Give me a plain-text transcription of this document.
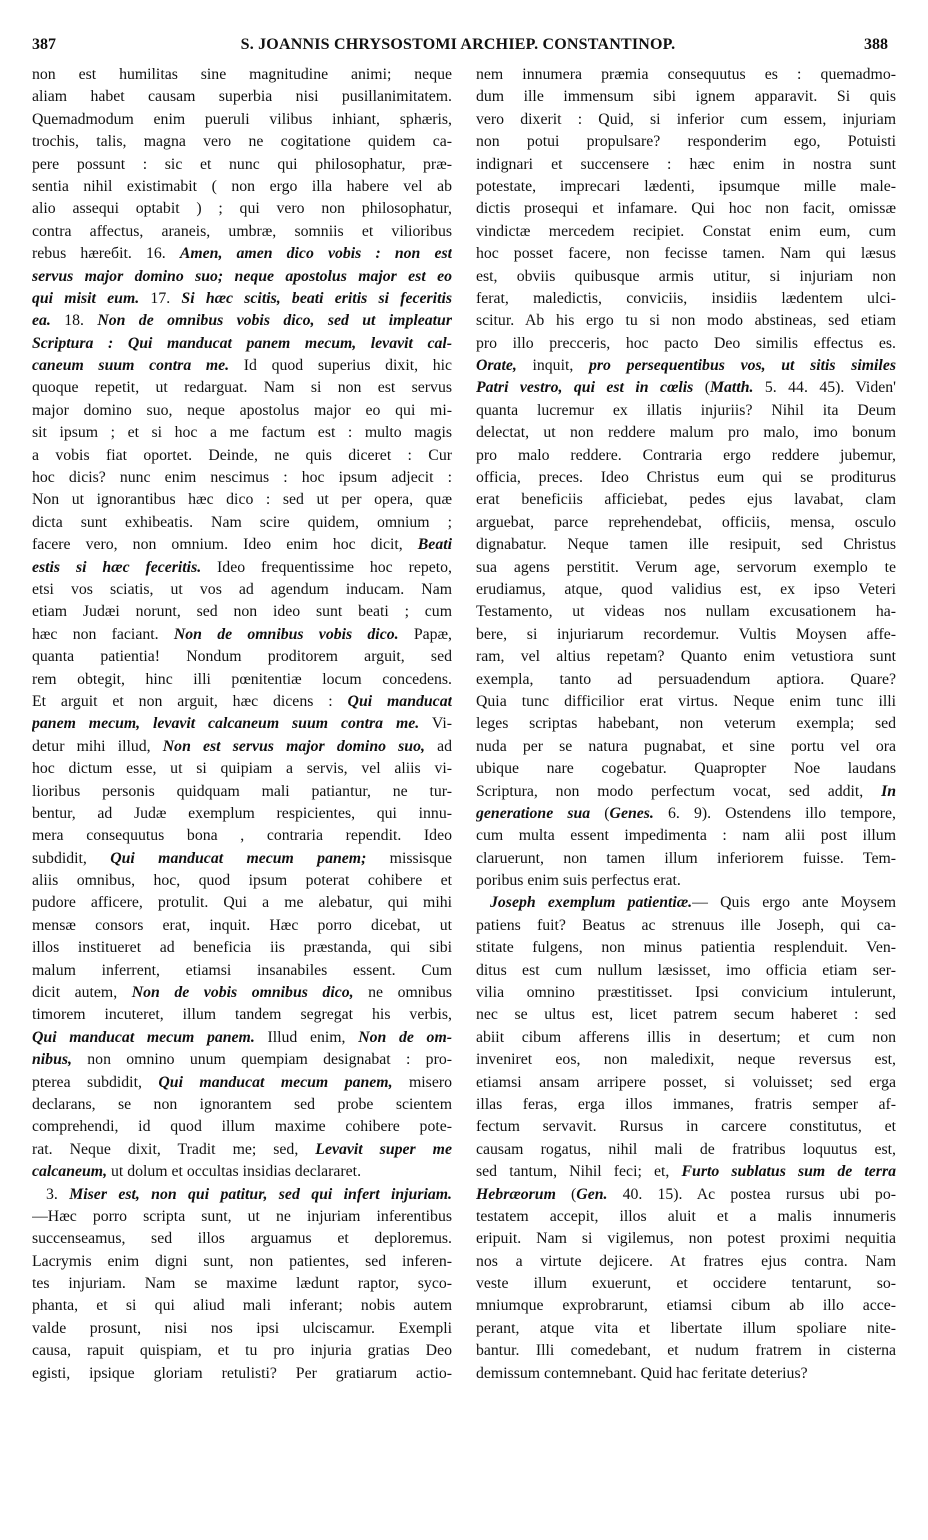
387	S. JOANNIS CHRYSOSTOMI ARCHIEP. CONSTANTINOP.	388
non est humilitas sine magnitudine animi; neque
aliam habet causam superbia nisi pusillanimitatem.
Quemadmodum enim pueruli vilibus inhiant, sphæris,
trochis, talis, magna vero ne cogitatione quidem ca-
pere possunt : sic et nunc qui philosophatur, præ-
sentia nihil existimabit ( non ergo illa habere vel ab
alio assequi optabit ) ; qui vero non philosophatur,
contra affectus, araneis, umbræ, somniis et vilioribus
rebus hæreбit. 16. Amen, amen dico vobis : non est
servus major domino suo; neque apostolus major est eo
qui misit eum. 17. Si hæc scitis, beati eritis si feceritis
ea. 18. Non de omnibus vobis dico, sed ut impleatur
Scriptura : Qui manducat panem mecum, levavit cal-
caneum suum contra me. Id quod superius dixit, hic
quoque repetit, ut redarguat. Nam si non est servus
major domino suo, neque apostolus major eo qui mi-
sit ipsum ; et si hoc a me factum est : multo magis
a vobis fiat oportet. Deinde, ne quis diceret : Cur
hoc dicis? nunc enim nescimus : hoc ipsum adjecit :
Non ut ignorantibus hæc dico : sed ut per opera, quæ
dicta sunt exhibeatis. Nam scire quidem, omnium ;
facere vero, non omnium. Ideo enim hoc dicit, Beati
estis si hæc feceritis. Ideo frequentissime hoc repeto,
etsi vos sciatis, ut vos ad agendum inducam. Nam
etiam Judæi norunt, sed non ideo sunt beati ; cum
hæc non faciant. Non de omnibus vobis dico. Papæ,
quanta patientia! Nondum proditorem arguit, sed
rem obtegit, hinc illi pœnitentiæ locum concedens.
Et arguit et non arguit, hæc dicens : Qui manducat
panem mecum, levavit calcaneum suum contra me. Vi-
detur mihi illud, Non est servus major domino suo, ad
hoc dictum esse, ut si quipiam a servis, vel aliis vi-
lioribus personis quidquam mali patiantur, ne tur-
bentur, ad Judæ exemplum respicientes, qui innu-
mera consequutus bona , contraria rependit. Ideo
subdidit, Qui manducat mecum panem; missisque
aliis omnibus, hoc, quod ipsum poterat cohibere et
pudore afficere, protulit. Qui a me alebatur, qui mihi
mensæ consors erat, inquit. Hæc porro dicebat, ut
illos institueret ad beneficia iis præstanda, qui sibi
malum inferrent, etiamsi insanabiles essent. Cum
dicit autem, Non de vobis omnibus dico, ne omnibus
timorem incuteret, illum tandem segregat his verbis,
Qui manducat mecum panem. Illud enim, Non de om-
nibus, non omnino unum quempiam designabat : pro-
pterea subdidit, Qui manducat mecum panem, misero
declarans, se non ignorantem sed probe scientem
comprehendi, id quod illum maxime cohibere pote-
rat. Neque dixit, Tradit me; sed, Levavit super me
calcaneum, ut dolum et occultas insidias declararet.
3. Miser est, non qui patitur, sed qui infert injuriam.
—Hæc porro scripta sunt, ut ne injuriam inferentibus
succenseamus, sed illos arguamus et deploremus.
Lacrymis enim digni sunt, non patientes, sed inferen-
tes injuriam. Nam se maxime lædunt raptor, syco-
phanta, et si qui aliud mali inferant; nobis autem
valde prosunt, nisi nos ipsi ulciscamur. Exempli
causa, rapuit quispiam, et tu pro injuria gratias Deo
egisti, ipsique gloriam retulisti? Per gratiarum actio-
nem innumera præmia consequutus es : quemadmo-
dum ille immensum sibi ignem apparavit. Si quis
vero dixerit : Quid, si inferior cum essem, injuriam
non potui propulsare? responderim ego, Potuisti
indignari et succensere : hæc enim in nostra sunt
potestate, imprecari lædenti, ipsumque mille male-
dictis prosequi et infamare. Qui hoc non facit, omissæ
vindictæ mercedem recipiet. Constat enim eum, cum
hoc posset facere, non fecisse tamen. Nam qui læsus
est, obviis quibusque armis utitur, si injuriam non
ferat, maledictis, conviciis, insidiis lædentem ulci-
scitur. Ab his ergo tu si non modo abstineas, sed etiam
pro illo precceris, hoc pacto Deo similis effectus es.
Orate, inquit, pro persequentibus vos, ut sitis similes
Patri vestro, qui est in cœlis (Matth. 5. 44. 45). Viden'
quanta lucremur ex illatis injuriis? Nihil ita Deum
delectat, ut non reddere malum pro malo, imo bonum
pro malo reddere. Contraria ergo reddere jubemur,
officia, preces. Ideo Christus eum qui se proditurus
erat beneficiis afficiebat, pedes ejus lavabat, clam
arguebat, parce reprehendebat, officiis, mensa, osculo
dignabatur. Neque tamen ille resipuit, sed Christus
sua agens perstitit. Verum age, servorum exemplo te
erudiamus, atque, quod validius est, ex ipso Veteri
Testamento, ut videas nos nullam excusationem ha-
bere, si injuriarum recordemur. Vultis Moysen affe-
ram, vel altius repetam? Quanto enim vetustiora sunt
exempla, tanto ad persuadendum aptiora. Quare?
Quia tunc difficilior erat virtus. Neque enim tunc illi
leges scriptas habebant, non veterum exempla; sed
nuda per se natura pugnabat, et sine portu vel ora
ubique nare cogebatur. Quapropter Noe laudans
Scriptura, non modo perfectum vocat, sed addit, In
generatione sua (Genes. 6. 9). Ostendens illo tempore,
cum multa essent impedimenta : nam alii post illum
claruerunt, non tamen illum inferiorem fuisse. Tem-
poribus enim suis perfectus erat.
Joseph exemplum patientiæ.— Quis ergo ante Moysem
patiens fuit? Beatus ac strenuus ille Joseph, qui ca-
stitate fulgens, non minus patientia resplenduit. Ven-
ditus est cum nullum læsisset, imo officia etiam ser-
vilia omnino præstitisset. Ipsi convicium intulerunt,
nec se ultus est, licet patrem secum haberet : sed
abiit cibum afferens illis in desertum; et cum non
inveniret eos, non maledixit, neque reversus est,
etiamsi ansam arripere posset, si voluisset; sed erga
illas feras, erga illos immanes, fratris semper af-
fectum servavit. Rursus in carcere constitutus, et
causam rogatus, nihil mali de fratribus loquutus est,
sed tantum, Nihil feci; et, Furto sublatus sum de terra
Hebræorum (Gen. 40. 15). Ac postea rursus ubi po-
testatem accepit, illos aluit et a malis innumeris
eripuit. Nam si vigilemus, non potest proximi nequitia
nos a virtute dejicere. At fratres ejus contra. Nam
veste illum exuerunt, et occidere tentarunt, so-
mniumque exprobrarunt, etiamsi cibum ab illo acce-
perant, atque vita et libertate illum spoliare nite-
bantur. Illi comedebant, et nudum fratrem in cisterna
demissum contemnebant. Quid hac feritate deterius?
